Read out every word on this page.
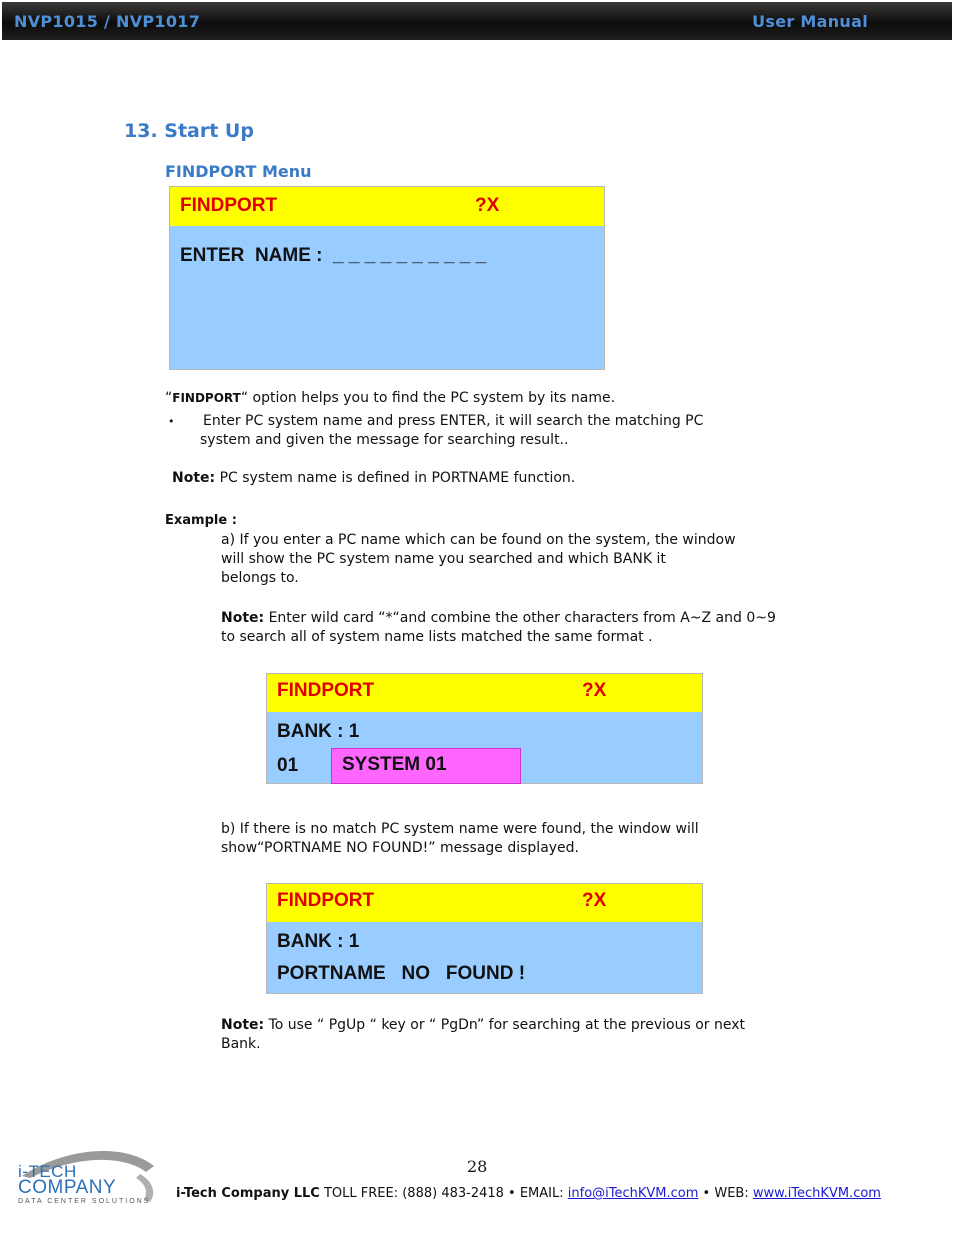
NVP1015 / NVP1017	User Manual
13. Start Up
FINDPORT Menu
FINDPORT	?X
ENTER  NAME :  _ _ _ _ _ _ _ _ _ _
“FINDPORT“ option helps you to find the PC system by its name.
• Enter PC system name and press ENTER, it will search the matching PC
system and given the message for searching result..
Note: PC system name is defined in PORTNAME function.
Example :
a) If you enter a PC name which can be found on the system, the window
will show the PC system name you searched and which BANK it
belongs to.
Note: Enter wild card “*“and combine the other characters from A~Z and 0~9
to search all of system name lists matched the same format .
FINDPORT	?X
BANK : 1
01 SYSTEM 01
b) If there is no match PC system name were found, the window will
show“PORTNAME NO FOUND!” message displayed.
FINDPORT	?X
BANK : 1
PORTNAME   NO   FOUND !
Note: To use “ PgUp “ key or “ PgDn” for searching at the previous or next
Bank.
28
i-TECH
COMPANY
DATA CENTER SOLUTIONS
i-Tech Company LLC TOLL FREE: (888) 483-2418 • EMAIL: info@iTechKVM.com • WEB: www.iTechKVM.com
